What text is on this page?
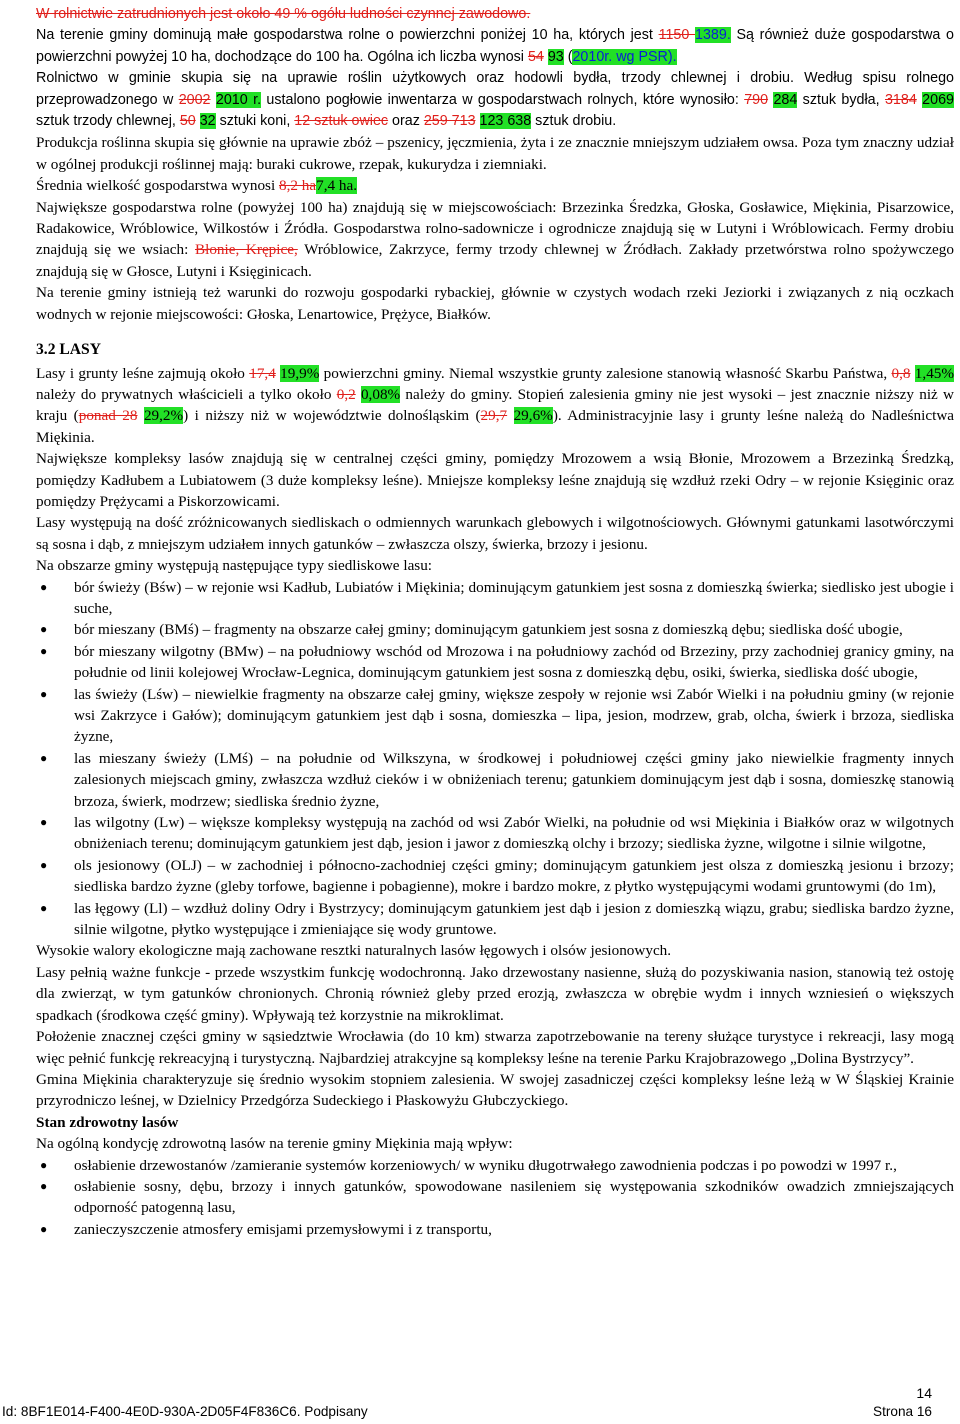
W rolnictwie zatrudnionych jest około 49 % ogółu ludności czynnej zawodowo.

Na terenie gminy dominują małe gospodarstwa rolne o powierzchni poniżej 10 ha, których jest 1150 1389. Są również duże gospodarstwa o powierzchni powyżej 10 ha, dochodzące do 100 ha. Ogólna ich liczba wynosi 54 93 (2010r. wg PSR).

Rolnictwo w gminie skupia się na uprawie roślin użytkowych oraz hodowli bydła, trzody chlewnej i drobiu. Według spisu rolnego przeprowadzonego w 2002 2010 r. ustalono pogłowie inwentarza w gospodarstwach rolnych, które wynosiło: 790 284 sztuk bydła, 3184 2069 sztuk trzody chlewnej, 50 32 sztuki koni, 12 sztuk owiec oraz 259 713 123 638 sztuk drobiu.

Produkcja roślinna skupia się głównie na uprawie zbóż – pszenicy, jęczmienia, żyta i ze znacznie mniejszym udziałem owsa. Poza tym znaczny udział w ogólnej produkcji roślinnej mają: buraki cukrowe, rzepak, kukurydza i ziemniaki.

Średnia wielkość gospodarstwa wynosi 8,2 ha7,4 ha.

Największe gospodarstwa rolne (powyżej 100 ha) znajdują się w miejscowościach: Brzezinka Średzka, Głoska, Gosławice, Miękinia, Pisarzowice, Radakowice, Wróblowice, Wilkostów i Źródła. Gospodarstwa rolno-sadownicze i ogrodnicze znajdują się w Lutyni i Wróblowicach. Fermy drobiu znajdują się we wsiach: Błonie, Krępice, Wróblowice, Zakrzyce, fermy trzody chlewnej w Źródłach. Zakłady przetwórstwa rolno spożywczego znajdują się w Głosce, Lutyni i Księginicach.

Na terenie gminy istnieją też warunki do rozwoju gospodarki rybackiej, głównie w czystych wodach rzeki Jeziorki i związanych z nią oczkach wodnych w rejonie miejscowości: Głoska, Lenartowice, Pręż‌yce, Białków.

3.2 LASY

Lasy i grunty leśne zajmują około 17,4 19,9% powierzchni gminy. Niemal wszystkie grunty zalesione stanowią własność Skarbu Państwa, 0,8 1,45% należy do prywatnych właścicieli a tylko około 0,2 0,08% należy do gminy. Stopień zalesienia gminy nie jest wysoki – jest znacznie niższy niż w kraju (ponad 28 29,2%) i niższy niż w województwie dolnośląskim (29,7 29,6%). Administracyjnie lasy i grunty leśne należą do Nadleśnictwa Miękinia.

Największe kompleksy lasów znajdują się w centralnej części gminy, pomiędzy Mrozowem a wsią Błonie, Mrozowem a Brzezinką Średzką, pomiędzy Kadłubem a Lubiatowem (3 duże kompleksy leśne). Mniejsze kompleksy leśne znajdują się wzdłuż rzeki Odry – w rejonie Księginic oraz pomiędzy Prężycami a Piskorzowicami.

Lasy występują na dość zróżnicowanych siedliskach o odmiennych warunkach glebowych i wilgotnościowych. Głównymi gatunkami lasotwórczymi są sosna i dąb, z mniejszym udziałem innych gatunków – zwłaszcza olszy, świerka, brzozy i jesionu.

Na obszarze gminy występują następujące typy siedliskowe lasu:

● bór świeży (Bśw) – w rejonie wsi Kadłub, Lubiatów i Miękinia; dominującym gatunkiem jest sosna z domieszką świerka; siedlisko jest ubogie i suche,
● bór mieszany (BMś) – fragmenty na obszarze całej gminy; dominującym gatunkiem jest sosna z domieszką dębu; siedliska dość ubogie,
● bór mieszany wilgotny (BMw) – na południowy wschód od Mrozowa i na południowy zachód od Brzeziny, przy zachodniej granicy gminy, na południe od linii kolejowej Wrocław-Legnica, dominującym gatunkiem jest sosna z domieszką dębu, osiki, świerka, siedliska dość ubogie,
● las świeży (Lśw) – niewielkie fragmenty na obszarze całej gminy, większe zespoły w rejonie wsi Zabór Wielki i na południu gminy (w rejonie wsi Zakrzyce i Gałów); dominującym gatunkiem jest dąb i sosna, domieszka – lipa, jesion, modrzew, grab, olcha, świerk i brzoza, siedliska żyzne,
● las mieszany świeży (LMś) – na południe od Wilkszyna, w środkowej i południowej części gminy jako niewielkie fragmenty innych zalesionych miejscach gminy, zwłaszcza wzdłuż cieków i w obniżeniach terenu; gatunkiem dominującym jest dąb i sosna, domieszkę stanowią brzoza, świerk, modrzew; siedliska średnio żyzne,
● las wilgotny (Lw) – większe kompleksy występują na zachód od wsi Zabór Wielki, na południe od wsi Miękinia i Białków oraz w wilgotnych obniżeniach terenu; dominującym gatunkiem jest dąb, jesion i jawor z domieszką olchy i brzozy; siedliska żyzne, wilgotne i silnie wilgotne,
● ols jesionowy (OLJ) – w zachodniej i północno-zachodniej części gminy; dominującym gatunkiem jest olsza z domieszką jesionu i brzozy; siedliska bardzo żyzne (gleby torfowe, bagienne i pobagienne), mokre i bardzo mokre, z płytko występującymi wodami gruntowymi (do 1m),
● las łęgowy (Ll) – wzdłuż doliny Odry i Bystrzycy; dominującym gatunkiem jest dąb i jesion z domieszką wiązu, grabu; siedliska bardzo żyzne, silnie wilgotne, płytko występujące i zmieniające się wody gruntowe.

Wysokie walory ekologiczne mają zachowane resztki naturalnych lasów łęgowych i olsów jesionowych.

Lasy pełnią ważne funkcje - przede wszystkim funkcję wodochronną. Jako drzewostany nasienne, służą do pozyskiwania nasion, stanowią też ostoję dla zwierząt, w tym gatunków chronionych. Chronią również gleby przed erozją, zwłaszcza w obrębie wydm i innych wzniesień o większych spadkach (środkowa część gminy). Wpływają też korzystnie na mikroklimat.

Położenie znacznej części gminy w sąsiedztwie Wrocławia (do 10 km) stwarza zapotrzebowanie na tereny służące turystyce i rekreacji, lasy mogą więc pełnić funkcję rekreacyjną i turystyczną. Najbardziej atrakcyjne są kompleksy leśne na terenie Parku Krajobrazowego „Dolina Bystrzycy”.

Gmina Miękinia charakteryzuje się średnio wysokim stopniem zalesienia. W swojej zasadniczej części kompleksy leśne leżą w W Śląskiej Krainie przyrodniczo leśnej, w Dzielnicy Przedgórza Sudeckiego i Płaskowyżu Głubczyckiego.

Stan zdrowotny lasów

Na ogólną kondycję zdrowotną lasów na terenie gminy Miękinia mają wpływ:

● osłabienie drzewostanów /zamieranie systemów korzeniowych/ w wyniku długotrwałego zawodnienia podczas i po powodzi w 1997 r.,
● osłabienie sosny, dębu, brzozy i innych gatunków, spowodowane nasileniem się występowania szkodników owadzich zmniejszających odporność patogenną lasu,
● zanieczyszczenie atmosfery emisjami przemysłowymi i z transportu,
14
Id: 8BF1E014-F400-4E0D-930A-2D05F4F836C6. Podpisany	Strona 16
